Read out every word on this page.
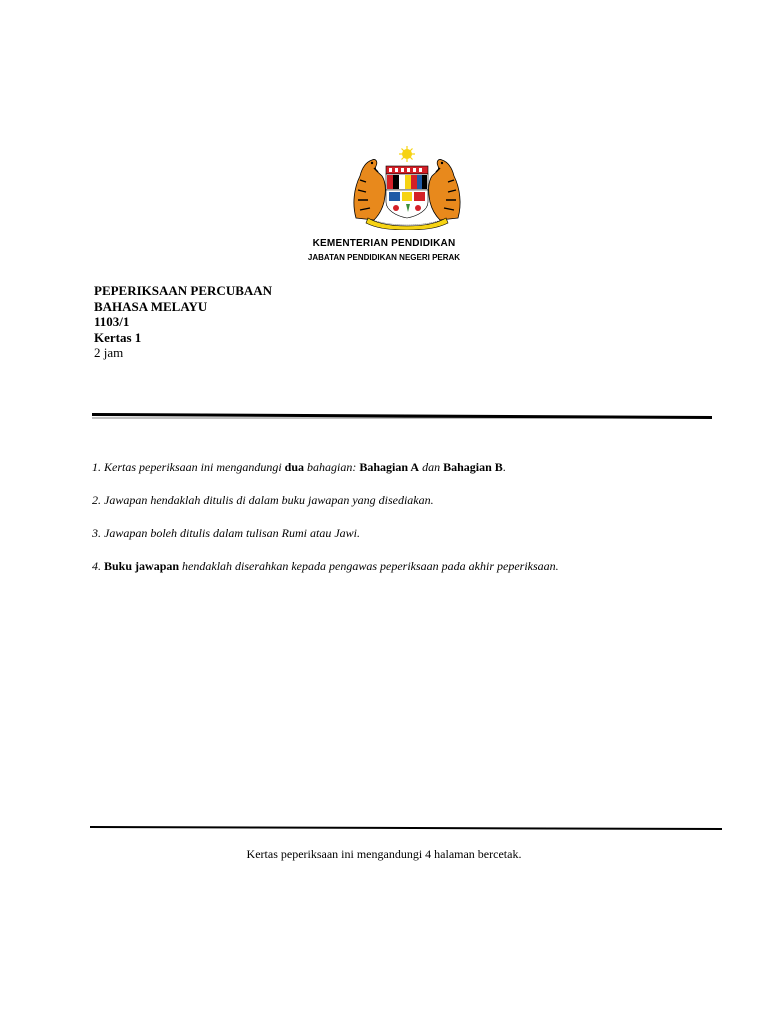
KEMENTERIAN PENDIDIKAN
JABATAN PENDIDIKAN NEGERI PERAK
PEPERIKSAAN PERCUBAAN
BAHASA MELAYU
1103/1
Kertas 1
2 jam

1. Kertas peperiksaan ini mengandungi dua bahagian: Bahagian A dan Bahagian B.

2. Jawapan hendaklah ditulis di dalam buku jawapan yang disediakan.

3. Jawapan boleh ditulis dalam tulisan Rumi atau Jawi.

4. Buku jawapan hendaklah diserahkan kepada pengawas peperiksaan pada akhir peperiksaan.

Kertas peperiksaan ini mengandungi 4 halaman bercetak.
